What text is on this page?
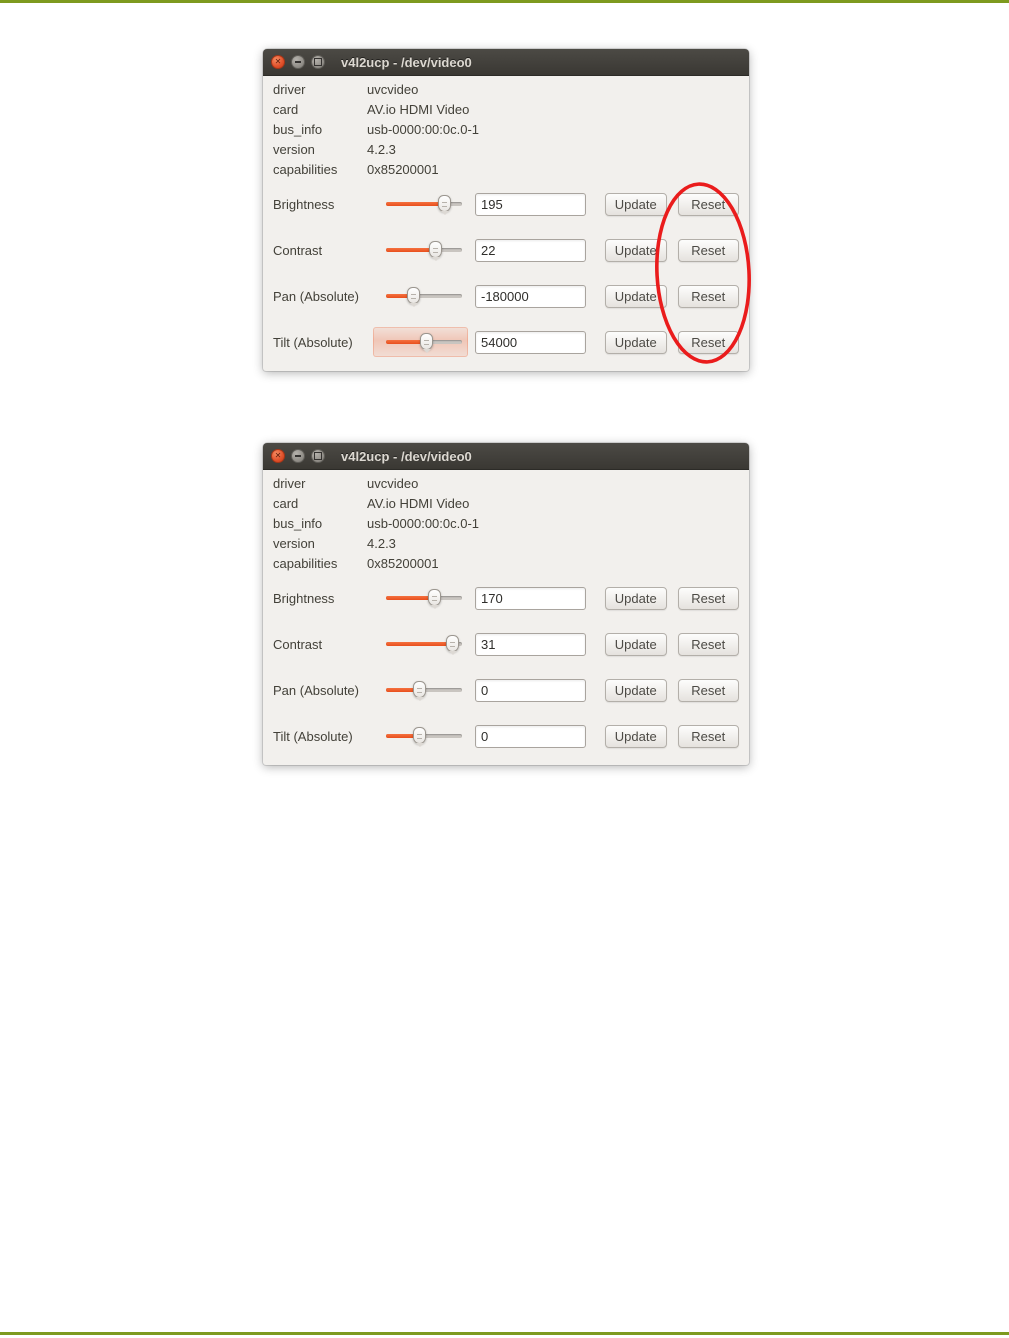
✕
v4l2ucp - /dev/video0
driver	uvcvideo
card	AV.io HDMI Video
bus_info	usb-0000:00:0c.0-1
version	4.2.3
capabilities	0x85200001
Brightness
195	Update	Reset
Contrast
22	Update	Reset
Pan (Absolute)
-180000	Update	Reset
Tilt (Absolute)
54000	Update	Reset
✕
v4l2ucp - /dev/video0
driver	uvcvideo
card	AV.io HDMI Video
bus_info	usb-0000:00:0c.0-1
version	4.2.3
capabilities	0x85200001
Brightness
170	Update	Reset
Contrast
31	Update	Reset
Pan (Absolute)
0	Update	Reset
Tilt (Absolute)
0	Update	Reset
